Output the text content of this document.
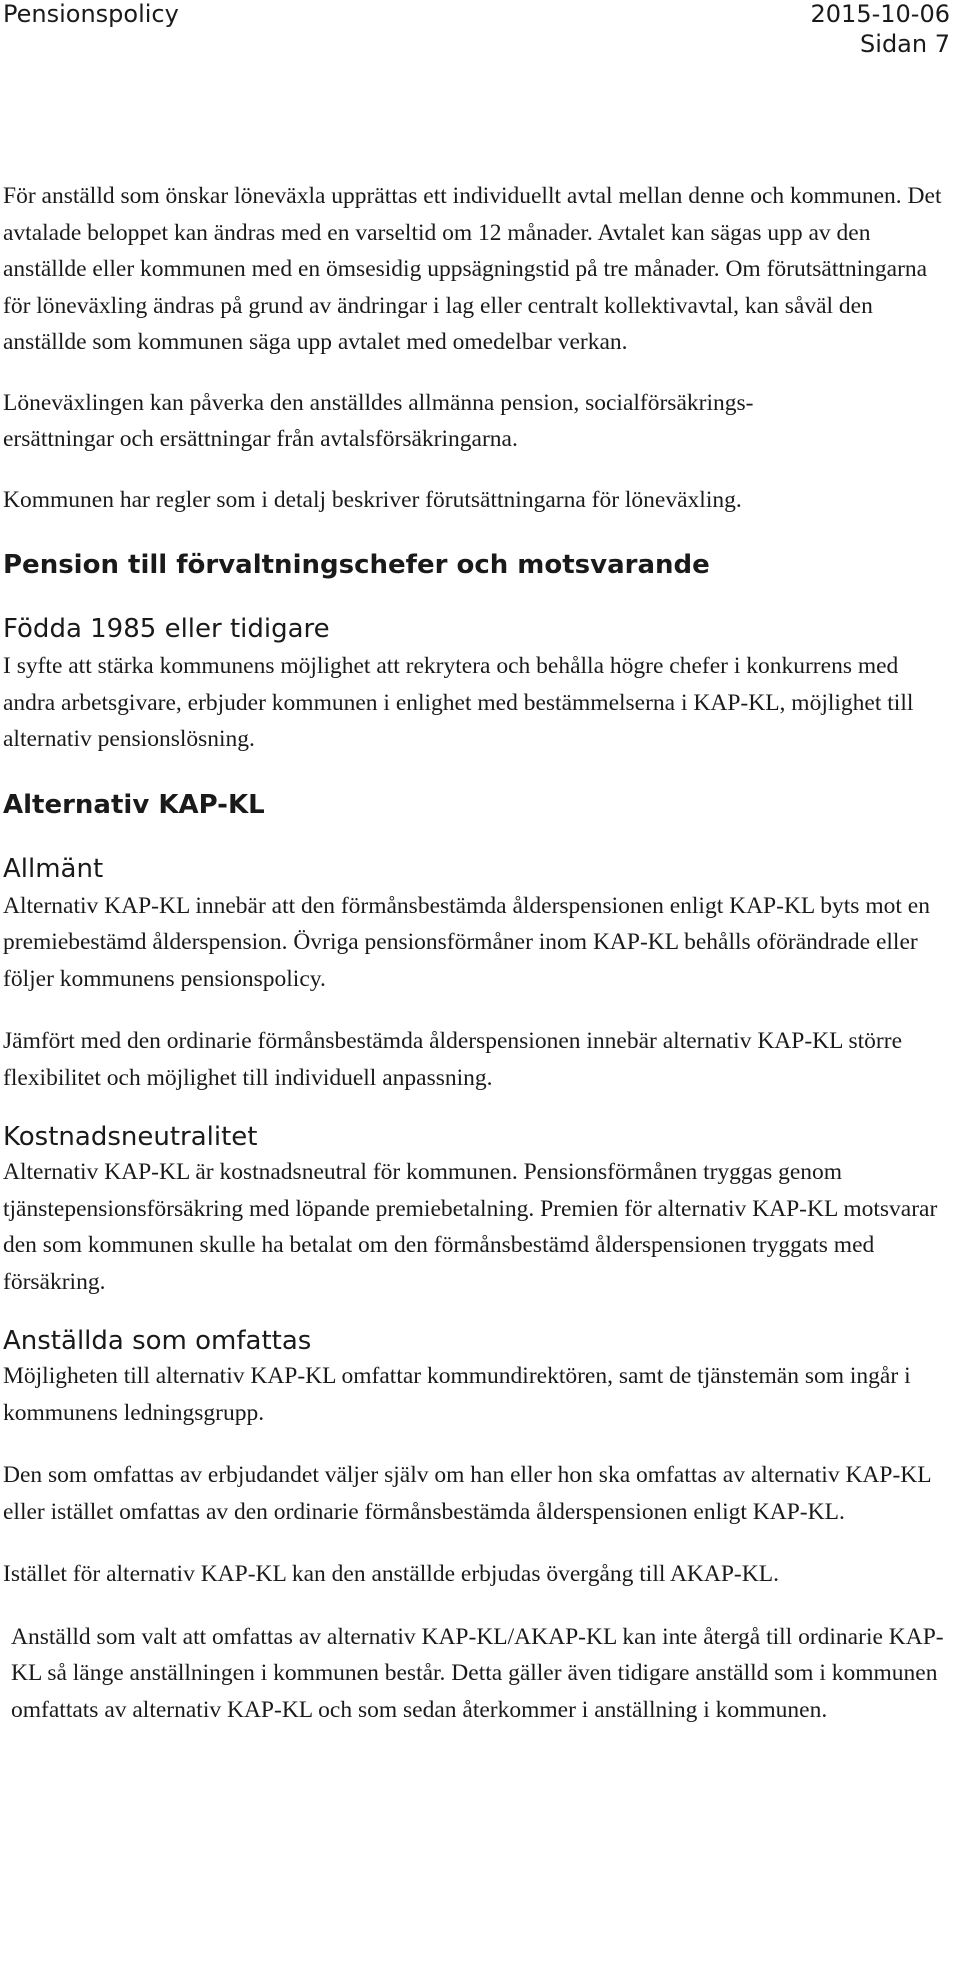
Pensionspolicy	2015-10-06
Sidan 7

För anställd som önskar löneväxla upprättas ett individuellt avtal mellan denne och kommunen. Det avtalade beloppet kan ändras med en varseltid om 12 månader. Avtalet kan sägas upp av den anställde eller kommunen med en ömsesidig uppsägningstid på tre månader. Om förutsättningarna för löneväxling ändras på grund av ändringar i lag eller centralt kollektivavtal, kan såväl den anställde som kommunen säga upp avtalet med omedelbar verkan.

Löneväxlingen kan påverka den anställdes allmänna pension, socialförsäkrings-
ersättningar och ersättningar från avtalsförsäkringarna.

Kommunen har regler som i detalj beskriver förutsättningarna för löneväxling.

Pension till förvaltningschefer och motsvarande
Födda 1985 eller tidigare

I syfte att stärka kommunens möjlighet att rekrytera och behålla högre chefer i konkurrens med andra arbetsgivare, erbjuder kommunen i enlighet med bestämmelserna i KAP-KL, möjlighet till alternativ pensionslösning.

Alternativ KAP-KL
Allmänt

Alternativ KAP-KL innebär att den förmånsbestämda ålderspensionen enligt KAP-KL byts mot en premiebestämd ålderspension. Övriga pensionsförmåner inom KAP-KL behålls oförändrade eller följer kommunens pensionspolicy.

Jämfört med den ordinarie förmånsbestämda ålderspensionen innebär alternativ KAP-KL större flexibilitet och möjlighet till individuell anpassning.

Kostnadsneutralitet

Alternativ KAP-KL är kostnadsneutral för kommunen. Pensionsförmånen tryggas genom tjänstepensionsförsäkring med löpande premiebetalning. Premien för alternativ KAP-KL motsvarar den som kommunen skulle ha betalat om den förmånsbestämd ålderspensionen tryggats med försäkring.

Anställda som omfattas

Möjligheten till alternativ KAP-KL omfattar kommundirektören, samt de tjänstemän som ingår i kommunens ledningsgrupp.

Den som omfattas av erbjudandet väljer själv om han eller hon ska omfattas av alternativ KAP-KL eller istället omfattas av den ordinarie förmånsbestämda ålderspensionen enligt KAP-KL.

Istället för alternativ KAP-KL kan den anställde erbjudas övergång till AKAP-KL.

Anställd som valt att omfattas av alternativ KAP-KL/AKAP-KL kan inte återgå till ordinarie KAP-KL så länge anställningen i kommunen består. Detta gäller även tidigare anställd som i kommunen omfattats av alternativ KAP-KL och som sedan återkommer i anställning i kommunen.
